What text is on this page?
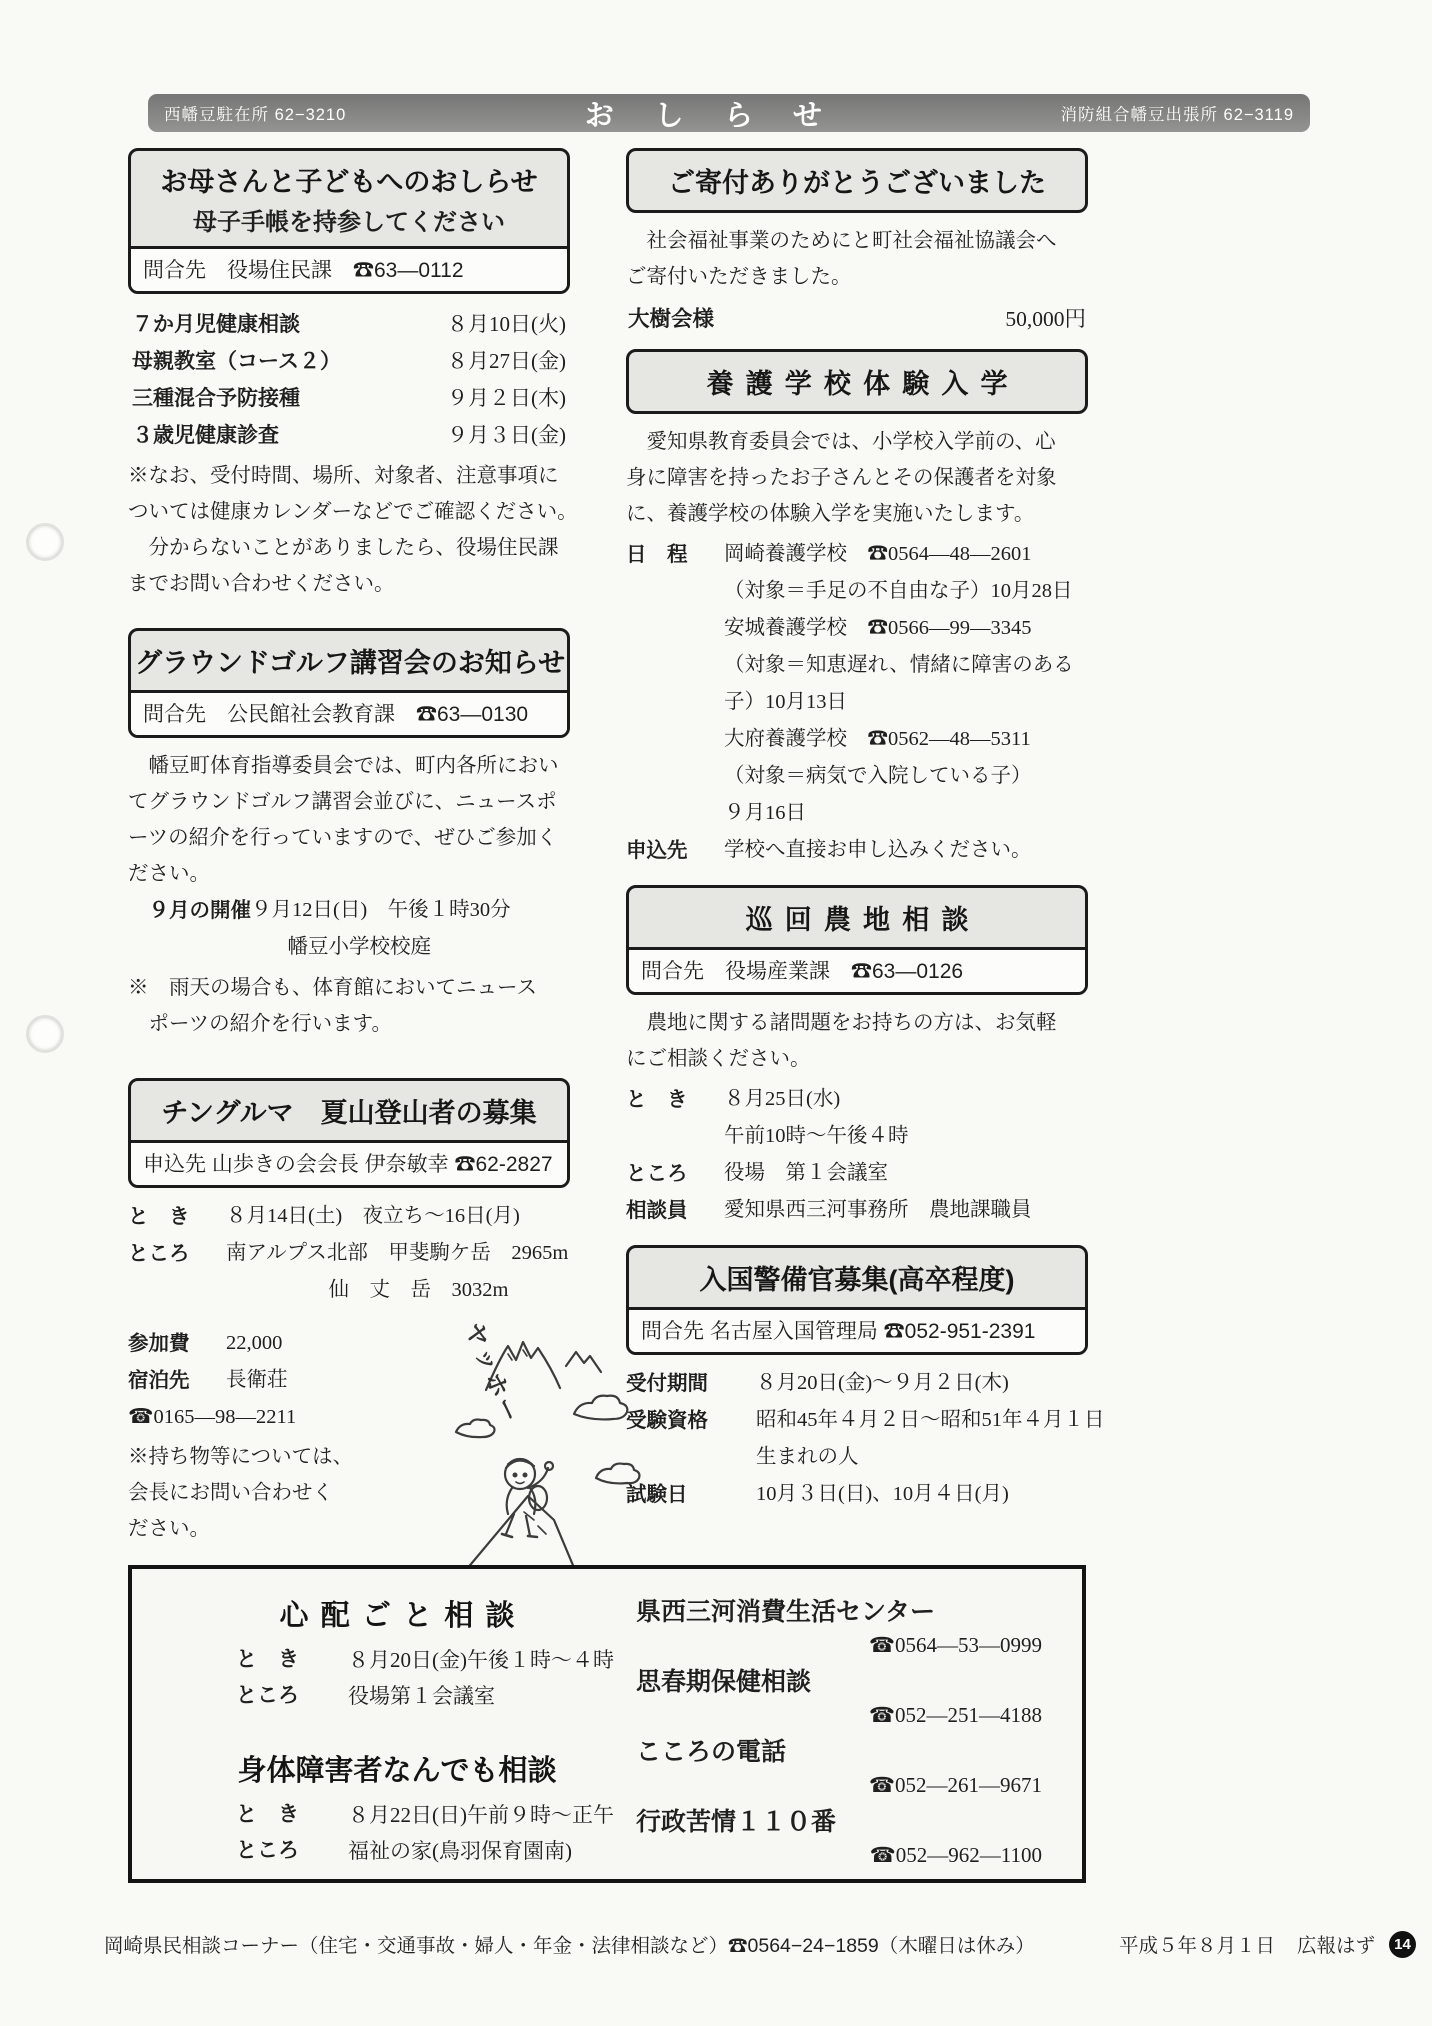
西幡豆駐在所 62−3210	おしらせ	消防組合幡豆出張所 62−3119
お母さんと子どもへのおしらせ
母子手帳を持参してください
問合先　役場住民課　☎63—0112
７か月児健康相談	８月10日(火)
母親教室（コース２）	８月27日(金)
三種混合予防接種	９月２日(木)
３歳児健康診査	９月３日(金)
※なお、受付時間、場所、対象者、注意事項に
ついては健康カレンダーなどでご確認ください。
　分からないことがありましたら、役場住民課
までお問い合わせください。
グラウンドゴルフ講習会のお知らせ
問合先　公民館社会教育課　☎63—0130
　幡豆町体育指導委員会では、町内各所におい
てグラウンドゴルフ講習会並びに、ニュースポ
ーツの紹介を行っていますので、ぜひご参加く
ださい。
　９月の開催 ９月12日(日)　午後１時30分
　　　幡豆小学校校庭
※　雨天の場合も、体育館においてニュース
　ポーツの紹介を行います。
チングルマ　夏山登山者の募集
申込先 山歩きの会会長 伊奈敏幸 ☎62-2827
と　き	８月14日(土)　夜立ち〜16日(月)
ところ	南アルプス北部　甲斐駒ケ岳　2965m
　　　　　仙　丈　岳　3032m
参加費	22,000
宿泊先	長衛荘
☎0165—98—2211
※持ち物等については、
会長にお問い合わせく
ださい。
ご寄付ありがとうございました
　社会福祉事業のためにと町社会福祉協議会へ
ご寄付いただきました。
大樹会様	50,000円
養護学校体験入学
　愛知県教育委員会では、小学校入学前の、心
身に障害を持ったお子さんとその保護者を対象
に、養護学校の体験入学を実施いたします。
日　程	岡崎養護学校　☎0564—48—2601
（対象＝手足の不自由な子）10月28日
安城養護学校　☎0566—99—3345
（対象＝知恵遅れ、情緒に障害のある
子）10月13日
大府養護学校　☎0562—48—5311
（対象＝病気で入院している子）
９月16日
申込先	学校へ直接お申し込みください。
巡回農地相談
問合先　役場産業課　☎63—0126
　農地に関する諸問題をお持ちの方は、お気軽
にご相談ください。
と　き	８月25日(水)
午前10時〜午後４時
ところ	役場　第１会議室
相談員	愛知県西三河事務所　農地課職員
入国警備官募集(高卒程度)
問合先 名古屋入国管理局 ☎052-951-2391
受付期間	８月20日(金)〜９月２日(木)
受験資格	昭和45年４月２日〜昭和51年４月１日
生まれの人
試験日	10月３日(日)、10月４日(月)
ヤッホー
心配ごと相談
と　き	８月20日(金)午後１時〜４時
ところ	役場第１会議室
身体障害者なんでも相談
と　き	８月22日(日)午前９時〜正午
ところ	福祉の家(鳥羽保育園南)
県西三河消費生活センター
☎0564—53—0999
思春期保健相談
☎052—251—4188
こころの電話
☎052—261—9671
行政苦情１１０番
☎052—962—1100
岡崎県民相談コーナー（住宅・交通事故・婦人・年金・法律相談など）☎0564−24−1859（木曜日は休み）	平成５年８月１日 広報はず	14
